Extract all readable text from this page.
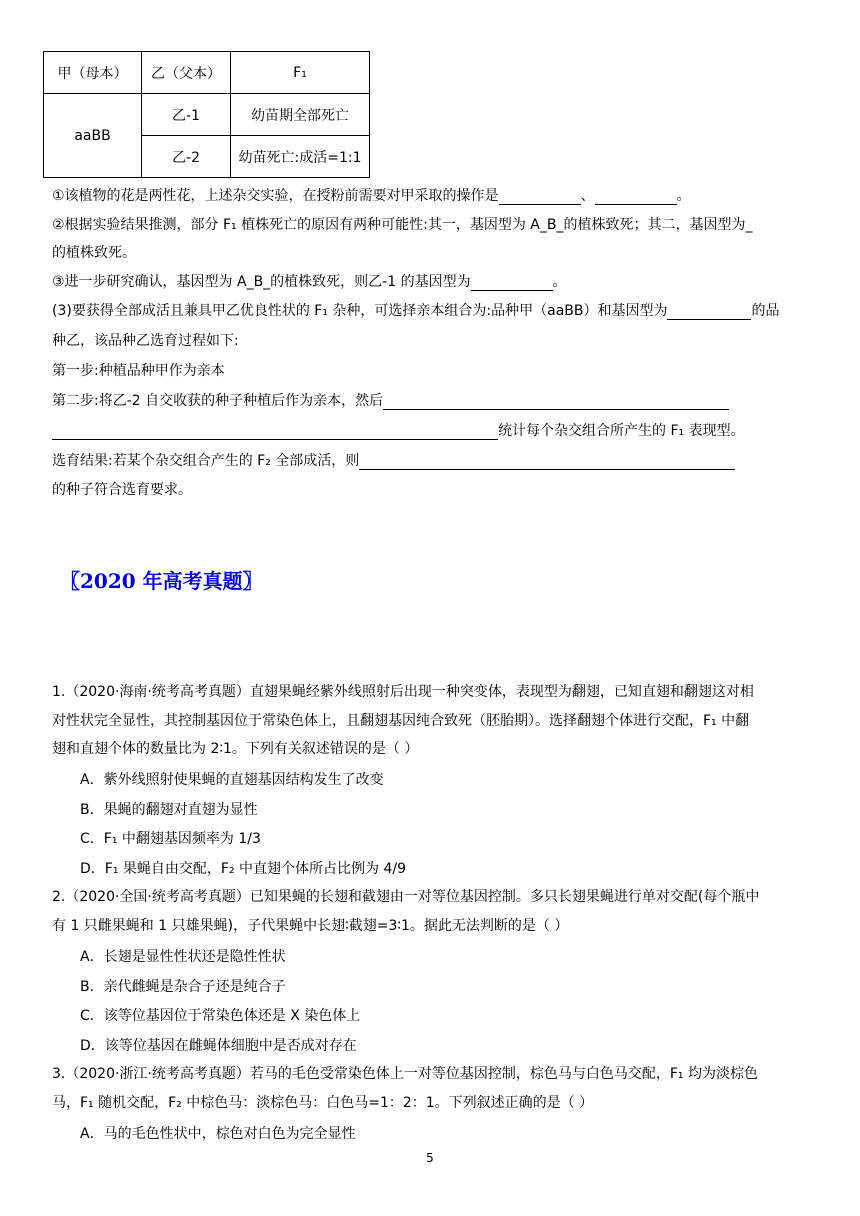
甲（母本）	乙（父本）	F₁
aaBB	乙-1	幼苗期全部死亡
	乙-2	幼苗死亡:成活=1:1
①该植物的花是两性花，上述杂交实验，在授粉前需要对甲采取的操作是	、	。
②根据实验结果推测，部分 F₁ 植株死亡的原因有两种可能性:其一，基因型为 A_B_的植株致死；其二，基因型为_
的植株致死。
③进一步研究确认，基因型为 A_B_的植株致死，则乙-1 的基因型为	。
(3)要获得全部成活且兼具甲乙优良性状的 F₁ 杂种，可选择亲本组合为:品种甲（aaBB）和基因型为	的品
种乙，该品种乙选育过程如下:
第一步:种植品种甲作为亲本
第二步:将乙-2 自交收获的种子种植后作为亲本，然后
统计每个杂交组合所产生的 F₁ 表现型。
选育结果:若某个杂交组合产生的 F₂ 全部成活，则
的种子符合选育要求。
〖2020 年高考真题〗
1.（2020·海南·统考高考真题）直翅果蝇经紫外线照射后出现一种突变体，表现型为翻翅，已知直翅和翻翅这对相
对性状完全显性，其控制基因位于常染色体上，且翻翅基因纯合致死（胚胎期）。选择翻翅个体进行交配，F₁ 中翻
翅和直翅个体的数量比为 2∶1。下列有关叙述错误的是（ ）
A．紫外线照射使果蝇的直翅基因结构发生了改变
B．果蝇的翻翅对直翅为显性
C．F₁ 中翻翅基因频率为 1/3
D．F₁ 果蝇自由交配，F₂ 中直翅个体所占比例为 4/9
2.（2020·全国·统考高考真题）已知果蝇的长翅和截翅由一对等位基因控制。多只长翅果蝇进行单对交配(每个瓶中
有 1 只雌果蝇和 1 只雄果蝇)，子代果蝇中长翅∶截翅=3∶1。据此无法判断的是（ ）
A．长翅是显性性状还是隐性性状
B．亲代雌蝇是杂合子还是纯合子
C．该等位基因位于常染色体还是 X 染色体上
D．该等位基因在雌蝇体细胞中是否成对存在
3.（2020·浙江·统考高考真题）若马的毛色受常染色体上一对等位基因控制，棕色马与白色马交配，F₁ 均为淡棕色
马，F₁ 随机交配，F₂ 中棕色马：淡棕色马：白色马=1：2：1。下列叙述正确的是（ ）
A．马的毛色性状中，棕色对白色为完全显性
5
